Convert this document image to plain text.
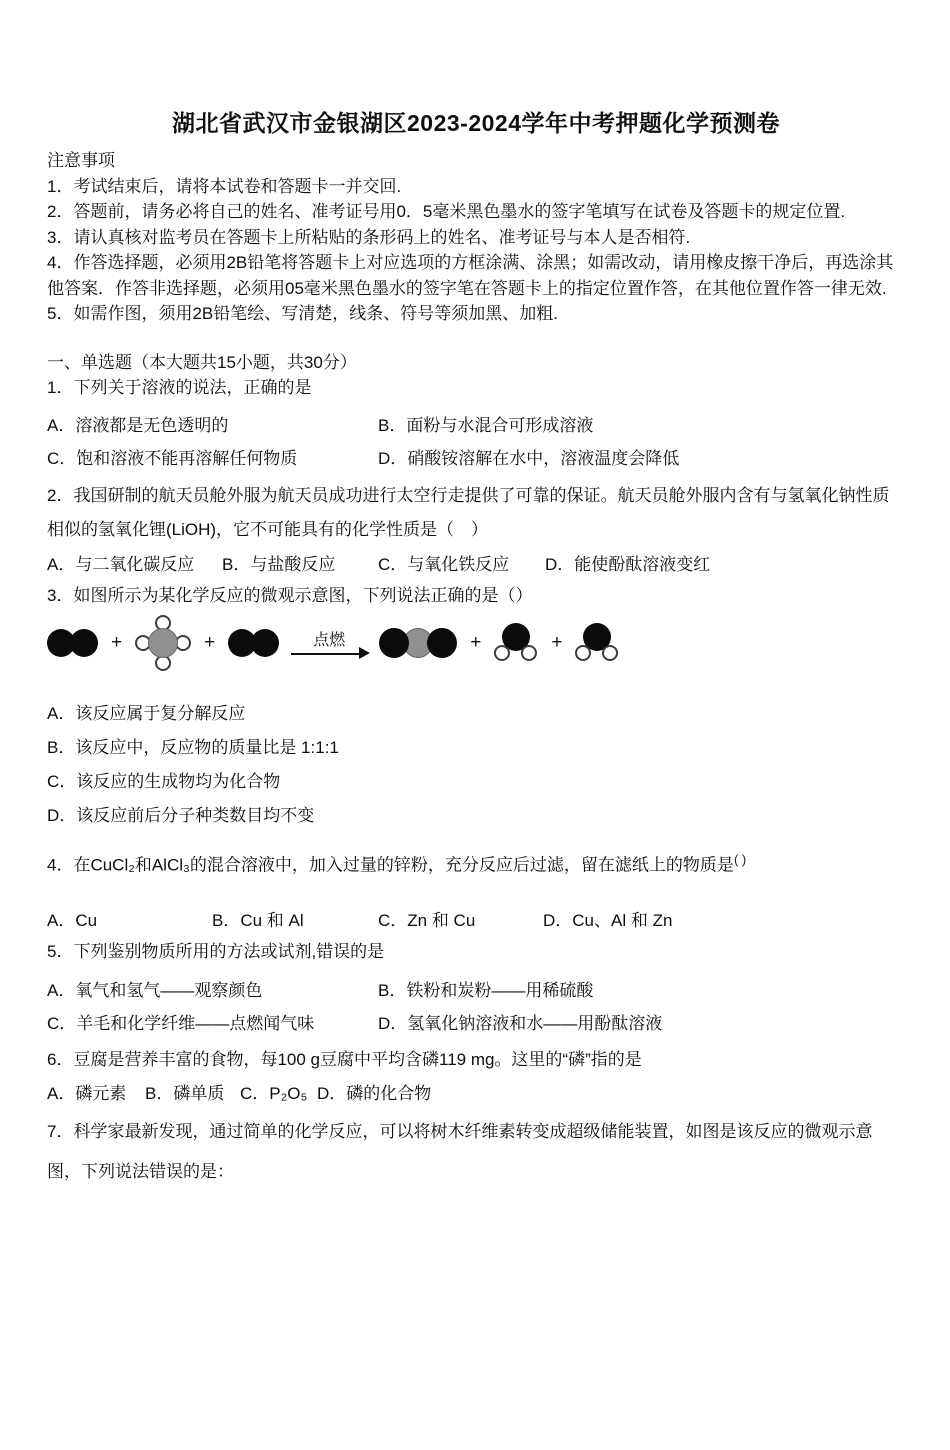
湖北省武汉市金银湖区2023-2024学年中考押题化学预测卷

注意事项

1．考试结束后，请将本试卷和答题卡一并交回.

2．答题前，请务必将自己的姓名、准考证号用0．5毫米黑色墨水的签字笔填写在试卷及答题卡的规定位置.

3．请认真核对监考员在答题卡上所粘贴的条形码上的姓名、准考证号与本人是否相符.

4．作答选择题，必须用2B铅笔将答题卡上对应选项的方框涂满、涂黑；如需改动，请用橡皮擦干净后，再选涂其他答案．作答非选择题，必须用05毫米黑色墨水的签字笔在答题卡上的指定位置作答，在其他位置作答一律无效.

5．如需作图，须用2B铅笔绘、写清楚，线条、符号等须加黑、加粗.

一、单选题（本大题共15小题，共30分）

1．下列关于溶液的说法，正确的是

A．溶液都是无色透明的	B．面粉与水混合可形成溶液
C．饱和溶液不能再溶解任何物质	D．硝酸铵溶解在水中，溶液温度会降低

2．我国研制的航天员舱外服为航天员成功进行太空行走提供了可靠的保证。航天员舱外服内含有与氢氧化钠性质相似的氢氧化锂(LiOH)，它不可能具有的化学性质是（　）

A．与二氧化碳反应	B．与盐酸反应	C．与氧化铁反应	D．能使酚酞溶液变红

3．如图所示为某化学反应的微观示意图，下列说法正确的是（）

+	+	点燃	+	+

A．该反应属于复分解反应

B．该反应中，反应物的质量比是 1:1:1

C．该反应的生成物均为化合物

D．该反应前后分子种类数目均不变

4．在CuCl₂和AlCl₃的混合溶液中，加入过量的锌粉，充分反应后过滤，留在滤纸上的物质是( )

A．Cu	B．Cu 和 Al	C．Zn 和 Cu	D．Cu、Al 和 Zn

5．下列鉴别物质所用的方法或试剂,错误的是

A．氧气和氢气——观察颜色	B．铁粉和炭粉——用稀硫酸
C．羊毛和化学纤维——点燃闻气味	D．氢氧化钠溶液和水——用酚酞溶液

6．豆腐是营养丰富的食物，每100 g豆腐中平均含磷119 mg。这里的“磷”指的是

A．磷元素	B．磷单质 C．P₂O₅ D．磷的化合物

7．科学家最新发现，通过简单的化学反应，可以将树木纤维素转变成超级储能装置，如图是该反应的微观示意图，下列说法错误的是：
